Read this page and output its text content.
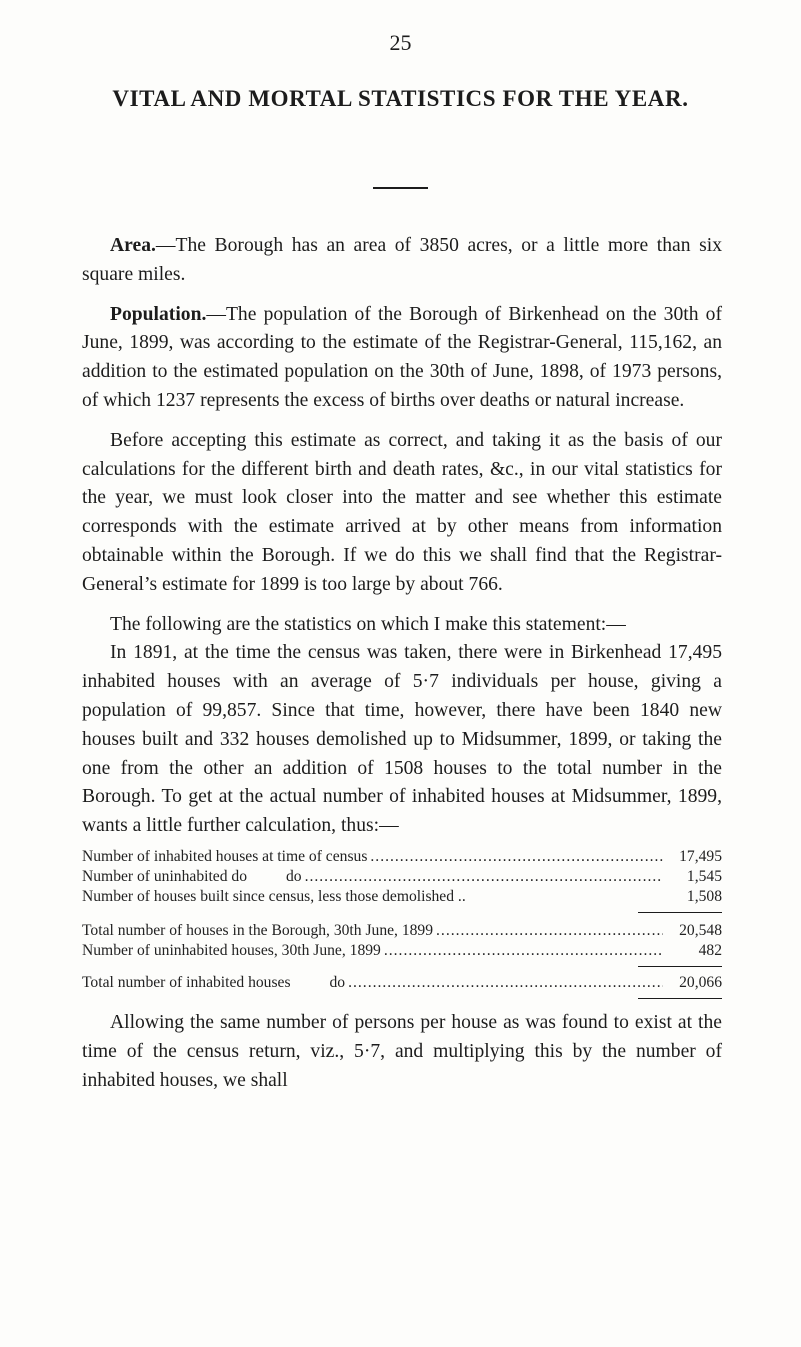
25
VITAL AND MORTAL STATISTICS FOR THE YEAR.

Area.—The Borough has an area of 3850 acres, or a little more than six square miles.

Population.—The population of the Borough of Birkenhead on the 30th of June, 1899, was according to the estimate of the Registrar-General, 115,162, an addition to the estimated population on the 30th of June, 1898, of 1973 persons, of which 1237 represents the excess of births over deaths or natural increase.

Before accepting this estimate as correct, and taking it as the basis of our calculations for the different birth and death rates, &c., in our vital statistics for the year, we must look closer into the matter and see whether this estimate corresponds with the estimate arrived at by other means from information obtainable within the Borough. If we do this we shall find that the Registrar-General’s estimate for 1899 is too large by about 766.

The following are the statistics on which I make this statement:—

In 1891, at the time the census was taken, there were in Birkenhead 17,495 inhabited houses with an average of 5·7 individuals per house, giving a population of 99,857. Since that time, however, there have been 1840 new houses built and 332 houses demolished up to Midsummer, 1899, or taking the one from the other an addition of 1508 houses to the total number in the Borough. To get at the actual number of inhabited houses at Midsummer, 1899, wants a little further calculation, thus:—

Number of inhabited houses at time of census .....	17,495
Number of uninhabited do          do .....	1,545
Number of houses built since census, less those demolished ..	1,508
Total number of houses in the Borough, 30th June, 1899 .....	20,548
Number of uninhabited houses, 30th June, 1899 .....	482
Total number of inhabited houses          do .....	20,066

Allowing the same number of persons per house as was found to exist at the time of the census return, viz., 5·7, and multiplying this by the number of inhabited houses, we shall
